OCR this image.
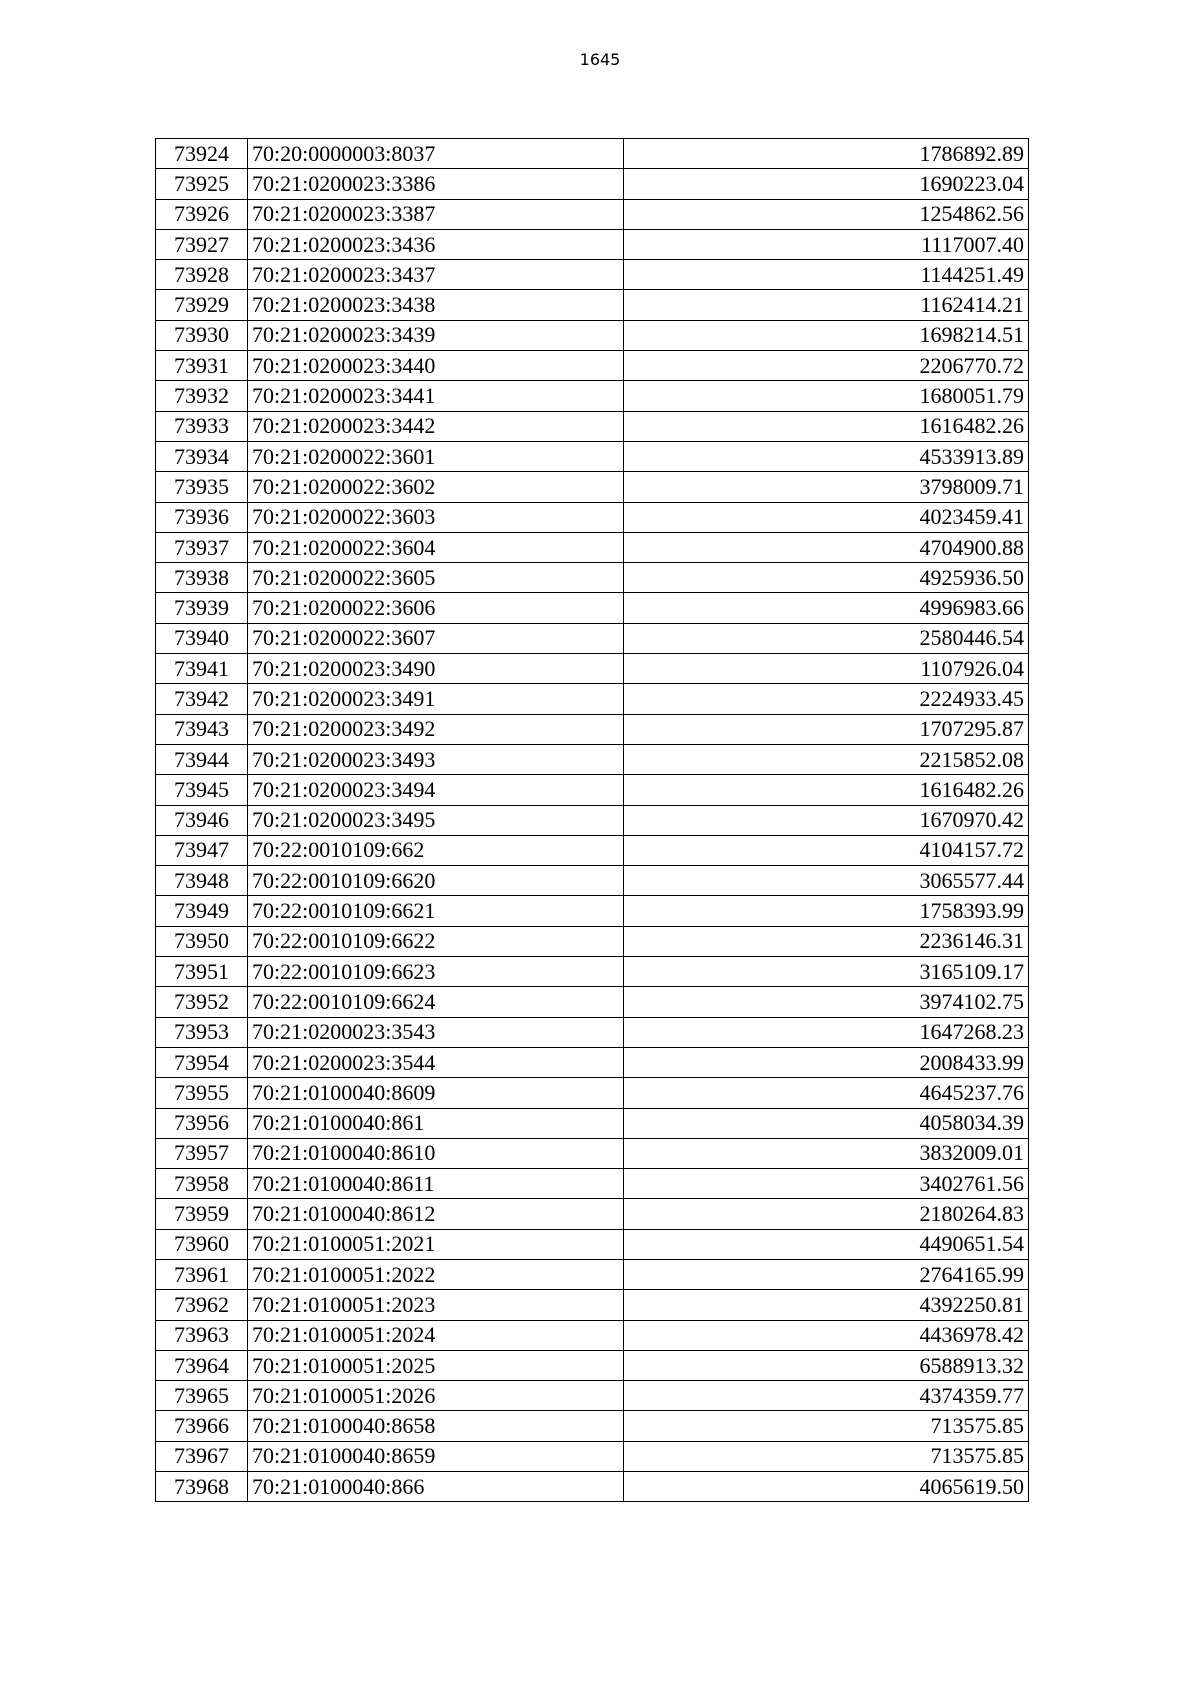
1645
73924	70:20:0000003:8037	1786892.89
73925	70:21:0200023:3386	1690223.04
73926	70:21:0200023:3387	1254862.56
73927	70:21:0200023:3436	1117007.40
73928	70:21:0200023:3437	1144251.49
73929	70:21:0200023:3438	1162414.21
73930	70:21:0200023:3439	1698214.51
73931	70:21:0200023:3440	2206770.72
73932	70:21:0200023:3441	1680051.79
73933	70:21:0200023:3442	1616482.26
73934	70:21:0200022:3601	4533913.89
73935	70:21:0200022:3602	3798009.71
73936	70:21:0200022:3603	4023459.41
73937	70:21:0200022:3604	4704900.88
73938	70:21:0200022:3605	4925936.50
73939	70:21:0200022:3606	4996983.66
73940	70:21:0200022:3607	2580446.54
73941	70:21:0200023:3490	1107926.04
73942	70:21:0200023:3491	2224933.45
73943	70:21:0200023:3492	1707295.87
73944	70:21:0200023:3493	2215852.08
73945	70:21:0200023:3494	1616482.26
73946	70:21:0200023:3495	1670970.42
73947	70:22:0010109:662	4104157.72
73948	70:22:0010109:6620	3065577.44
73949	70:22:0010109:6621	1758393.99
73950	70:22:0010109:6622	2236146.31
73951	70:22:0010109:6623	3165109.17
73952	70:22:0010109:6624	3974102.75
73953	70:21:0200023:3543	1647268.23
73954	70:21:0200023:3544	2008433.99
73955	70:21:0100040:8609	4645237.76
73956	70:21:0100040:861	4058034.39
73957	70:21:0100040:8610	3832009.01
73958	70:21:0100040:8611	3402761.56
73959	70:21:0100040:8612	2180264.83
73960	70:21:0100051:2021	4490651.54
73961	70:21:0100051:2022	2764165.99
73962	70:21:0100051:2023	4392250.81
73963	70:21:0100051:2024	4436978.42
73964	70:21:0100051:2025	6588913.32
73965	70:21:0100051:2026	4374359.77
73966	70:21:0100040:8658	713575.85
73967	70:21:0100040:8659	713575.85
73968	70:21:0100040:866	4065619.50
